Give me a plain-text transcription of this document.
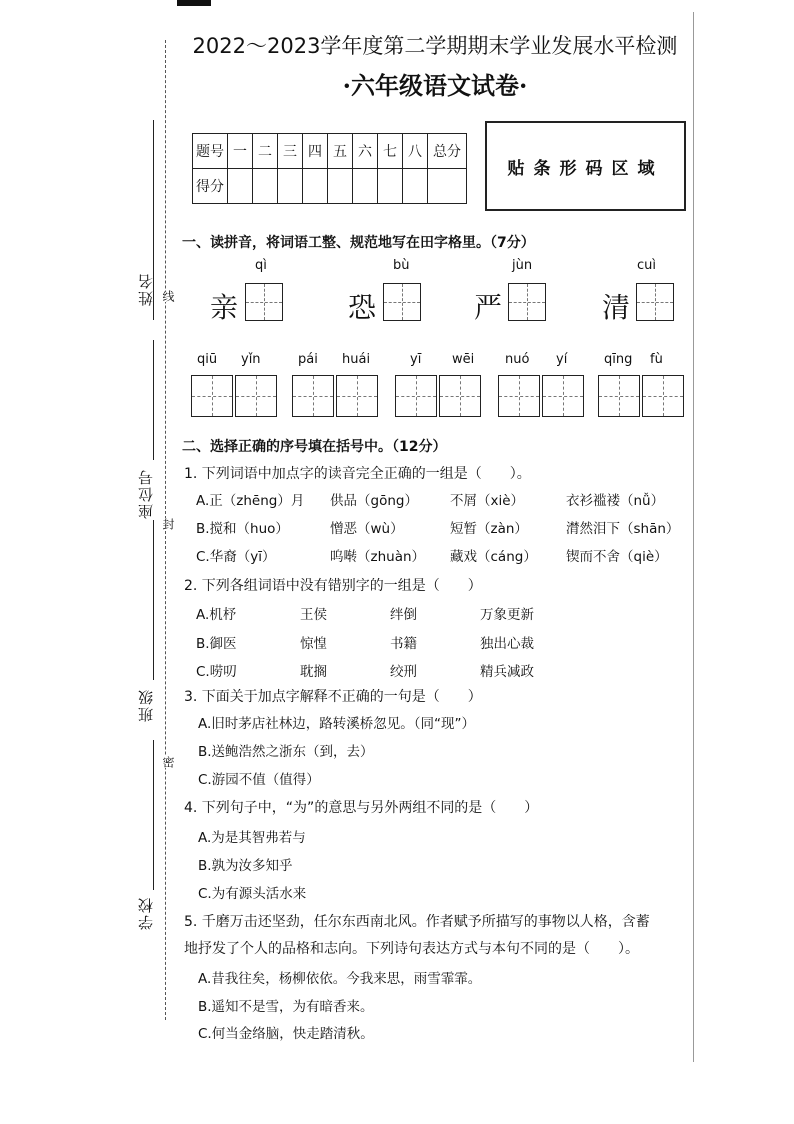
姓名
座位号
班级
学校
线
封
密
2022～2023学年度第二学期期末学业发展水平检测
·六年级语文试卷·
题号	一	二	三	四	五	六	七	八	总分
得分									
贴条形码区域
一、读拼音，将词语工整、规范地写在田字格里。（7分）
qì
亲
bù
恐
jùn
严
cuì
清
qiū yǐn	pái huái	yī wēi nuó yí	qīng fù
二、选择正确的序号填在括号中。（12分）
1. 下列词语中加点字的读音完全正确的一组是（　　）。
A.正（zhēng）月 供品（gōng） 不屑（xiè）	衣衫褴褛（nǚ）
B.搅和（huo）	憎恶（wù）	短暂（zàn）	潸然泪下（shān）
C.华裔（yī）	呜啭（zhuàn） 藏戏（cáng） 锲而不舍（qiè）
2. 下列各组词语中没有错别字的一组是（　　）
A.机杼	王侯	绊倒	万象更新
B.御医	惊惶	书籍	独出心裁
C.唠叨	耽搁	绞刑	精兵减政
3. 下面关于加点字解释不正确的一句是（　　）
A.旧时茅店社林边，路转溪桥忽见。（同“现”）
B.送鲍浩然之浙东（到，去）
C.游园不值（值得）
4. 下列句子中，“为”的意思与另外两组不同的是（　　）
A.为是其智弗若与
B.孰为汝多知乎
C.为有源头活水来
5. 千磨万击还坚劲，任尔东西南北风。作者赋予所描写的事物以人格，含蓄
地抒发了个人的品格和志向。下列诗句表达方式与本句不同的是（　　）。
A.昔我往矣，杨柳依依。今我来思，雨雪霏霏。
B.遥知不是雪，为有暗香来。
C.何当金络脑，快走踏清秋。
